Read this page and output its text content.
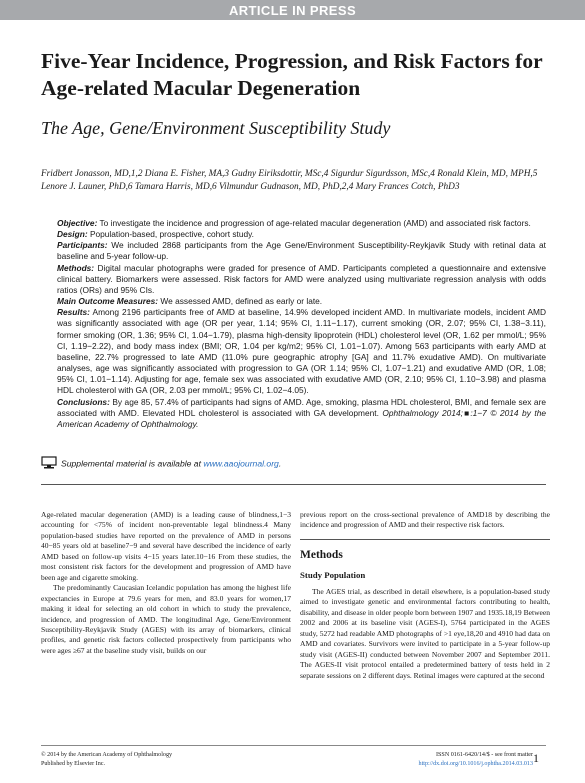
ARTICLE IN PRESS
Five-Year Incidence, Progression, and Risk Factors for Age-related Macular Degeneration
The Age, Gene/Environment Susceptibility Study
Fridbert Jonasson, MD,1,2 Diana E. Fisher, MA,3 Gudny Eiriksdottir, MSc,4 Sigurdur Sigurdsson, MSc,4 Ronald Klein, MD, MPH,5 Lenore J. Launer, PhD,6 Tamara Harris, MD,6 Vilmundur Gudnason, MD, PhD,2,4 Mary Frances Cotch, PhD3

Objective: To investigate the incidence and progression of age-related macular degeneration (AMD) and associated risk factors.

Design: Population-based, prospective, cohort study.

Participants: We included 2868 participants from the Age Gene/Environment Susceptibility-Reykjavik Study with retinal data at baseline and 5-year follow-up.

Methods: Digital macular photographs were graded for presence of AMD. Participants completed a questionnaire and extensive clinical battery. Biomarkers were assessed. Risk factors for AMD were analyzed using multivariate regression analysis with odds ratios (ORs) and 95% CIs.

Main Outcome Measures: We assessed AMD, defined as early or late.

Results: Among 2196 participants free of AMD at baseline, 14.9% developed incident AMD. In multivariate models, incident AMD was significantly associated with age (OR per year, 1.14; 95% CI, 1.11−1.17), current smoking (OR, 2.07; 95% CI, 1.38−3.11), former smoking (OR, 1.36; 95% CI, 1.04−1.79), plasma high-density lipoprotein (HDL) cholesterol level (OR, 1.62 per mmol/L; 95% CI, 1.19−2.22), and body mass index (BMI; OR, 1.04 per kg/m2; 95% CI, 1.01−1.07). Among 563 participants with early AMD at baseline, 22.7% progressed to late AMD (11.0% pure geographic atrophy [GA] and 11.7% exudative AMD). On multivariate analyses, age was significantly associated with progression to GA (OR 1.14; 95% CI, 1.07−1.21) and exudative AMD (OR, 1.08; 95% CI, 1.01−1.14). Adjusting for age, female sex was associated with exudative AMD (OR, 2.10; 95% CI, 1.10−3.98) and plasma HDL cholesterol with GA (OR, 2.03 per mmol/L; 95% CI, 1.02−4.05).

Conclusions: By age 85, 57.4% of participants had signs of AMD. Age, smoking, plasma HDL cholesterol, BMI, and female sex are associated with AMD. Elevated HDL cholesterol is associated with GA development. Ophthalmology 2014;■:1−7 © 2014 by the American Academy of Ophthalmology.

Supplemental material is available at www.aaojournal.org.

Age-related macular degeneration (AMD) is a leading cause of blindness,1−3 accounting for <75% of incident non-preventable legal blindness.4 Many population-based studies have reported on the prevalence of AMD in persons 40−85 years old at baseline7−9 and several have described the incidence of early AMD based on follow-up visits 4−15 years later.10−16 From these studies, the most consistent risk factors for the development and progression of AMD have been age and cigarette smoking.

The predominantly Caucasian Icelandic population has among the highest life expectancies in Europe at 79.6 years for men, and 83.0 years for women,17 making it ideal for selecting an old cohort in which to study the prevalence, incidence, and progression of AMD. The longitudinal Age, Gene/Environment Susceptibility-Reykjavik Study (AGES) with its array of biomarkers, clinical profiles, and genetic risk factors collected prospectively from participants who were ages ≥67 at the baseline study visit, builds on our

previous report on the cross-sectional prevalence of AMD18 by describing the incidence and progression of AMD and their respective risk factors.

Methods
Study Population

The AGES trial, as described in detail elsewhere, is a population-based study aimed to investigate genetic and environmental factors contributing to health, disability, and disease in older people born between 1907 and 1935.18,19 Between 2002 and 2006 at its baseline visit (AGES-I), 5764 participated in the AGES study, 5272 had readable AMD photographs of >1 eye,18,20 and 4910 had data on AMD and covariates. Survivors were invited to participate in a 5-year follow-up study visit (AGES-II) conducted between November 2007 and September 2011. The AGES-II visit protocol entailed a predetermined battery of tests held in 2 separate sessions on 2 different days. Retinal images were captured at the second

© 2014 by the American Academy of Ophthalmology
Published by Elsevier Inc.
ISSN 0161-6420/14/$ - see front matter
http://dx.doi.org/10.1016/j.ophtha.2014.03.013 1
